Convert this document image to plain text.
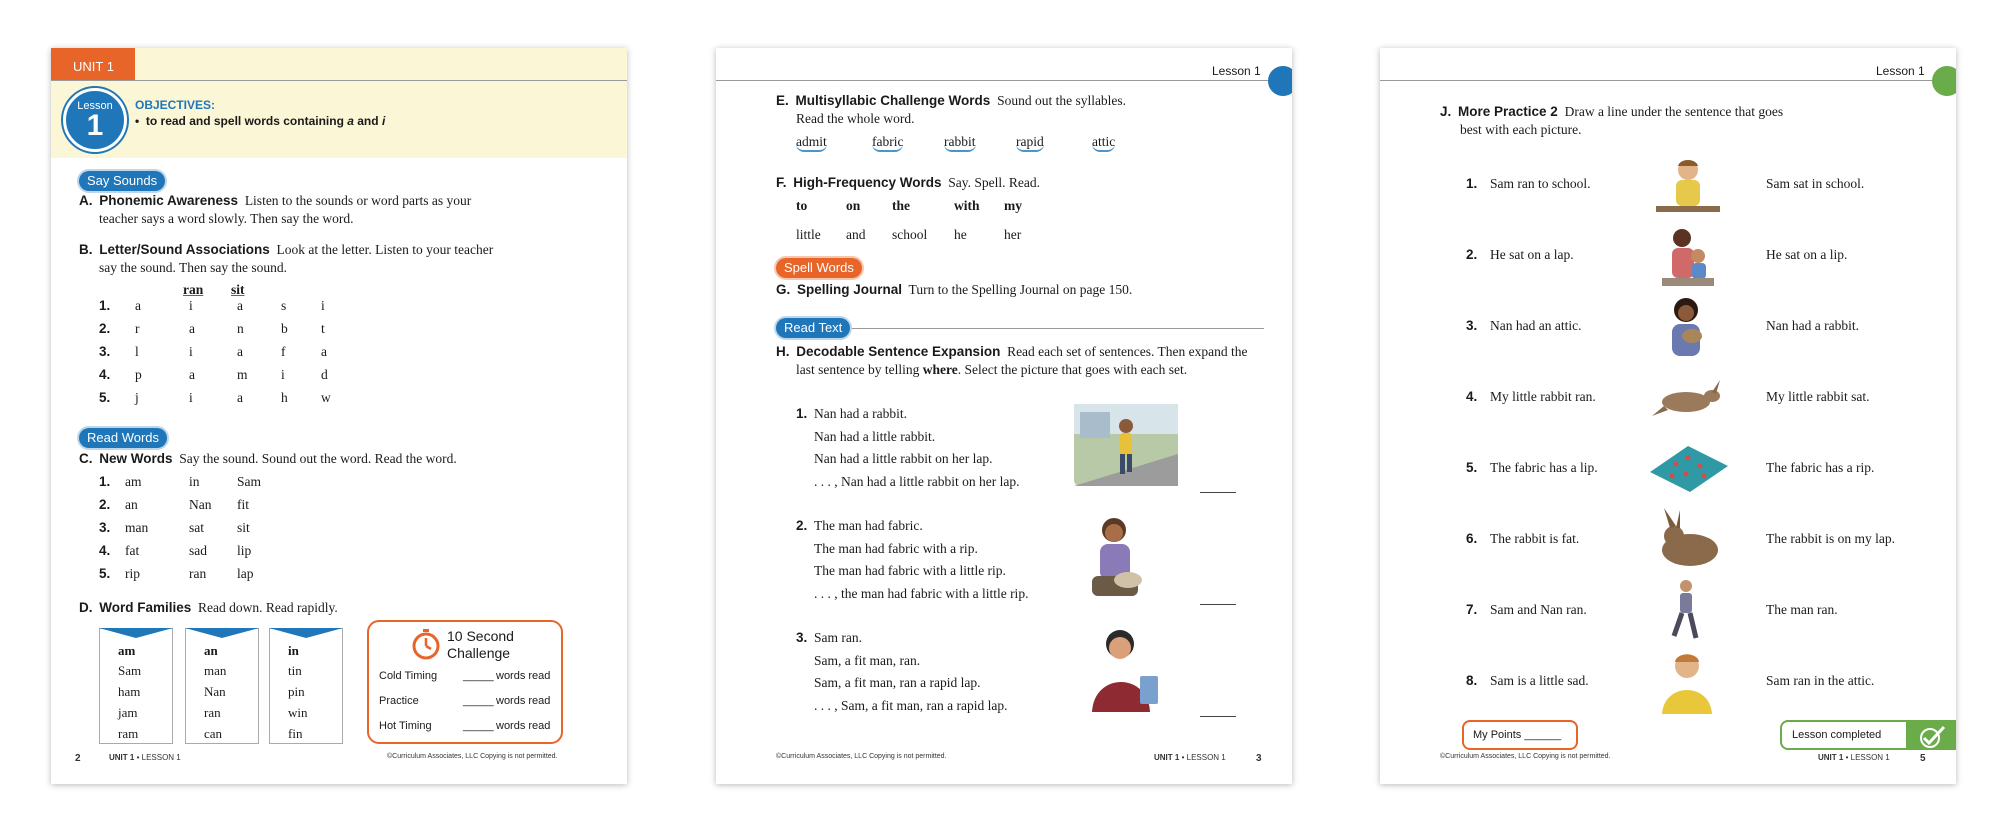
UNIT 1
Lesson
1
OBJECTIVES:
•  to read and spell words containing a and i
Say Sounds
A. Phonemic Awareness Listen to the sounds or word parts as your
teacher says a word slowly. Then say the word.
B. Letter/Sound Associations Look at the letter. Listen to your teacher
say the sound. Then say the sound.
ran sit
1. a	i	a	s	i
2. r	a	n	b t
3. l	i	a	f	a
4. p	a	m i	d
5. j	i	a	h w
Read Words
C. New Words Say the sound. Sound out the word. Read the word.
1. am	in	Sam
2. an	Nan fit
3. man	sat sit
4. fat	sad lip
5. rip	ran lap
D. Word Families Read down. Read rapidly.
am
Sam
ham
jam
ram
an
man
Nan
ran
can
in
tin
pin
win
fin
10 Second
Challenge
Cold Timing _____ words read
Practice	_____ words read
Hot Timing	_____ words read
2	UNIT 1 • LESSON 1	©Curriculum Associates, LLC Copying is not permitted.
Lesson 1
E. Multisyllabic Challenge Words Sound out the syllables.
Read the whole word.
admit	fabric	rabbit	rapid	attic
F. High-Frequency Words Say. Spell. Read.
to	on the	with my
little and school he	her
Spell Words
G. Spelling Journal Turn to the Spelling Journal on page 150.
Read Text
H. Decodable Sentence Expansion Read each set of sentences. Then expand the
last sentence by telling where. Select the picture that goes with each set.
1. Nan had a rabbit.
Nan had a little rabbit.
Nan had a little rabbit on her lap.
. . . , Nan had a little rabbit on her lap.
2. The man had fabric.
The man had fabric with a rip.
The man had fabric with a little rip.
. . . , the man had fabric with a little rip.
3. Sam ran.
Sam, a fit man, ran.
Sam, a fit man, ran a rapid lap.
. . . , Sam, a fit man, ran a rapid lap.
©Curriculum Associates, LLC Copying is not permitted.	UNIT 1 • LESSON 1	3
Lesson 1
J. More Practice 2 Draw a line under the sentence that goes
best with each picture.
1. Sam ran to school.	Sam sat in school.
2. He sat on a lap.	He sat on a lip.
3. Nan had an attic.	Nan had a rabbit.
4. My little rabbit ran.	My little rabbit sat.
5. The fabric has a lip.	The fabric has a rip.
6. The rabbit is fat.	The rabbit is on my lap.
7. Sam and Nan ran.	The man ran.
8. Sam is a little sad.	Sam ran in the attic.
My Points ______	Lesson completed
©Curriculum Associates, LLC Copying is not permitted.	UNIT 1 • LESSON 1	5
